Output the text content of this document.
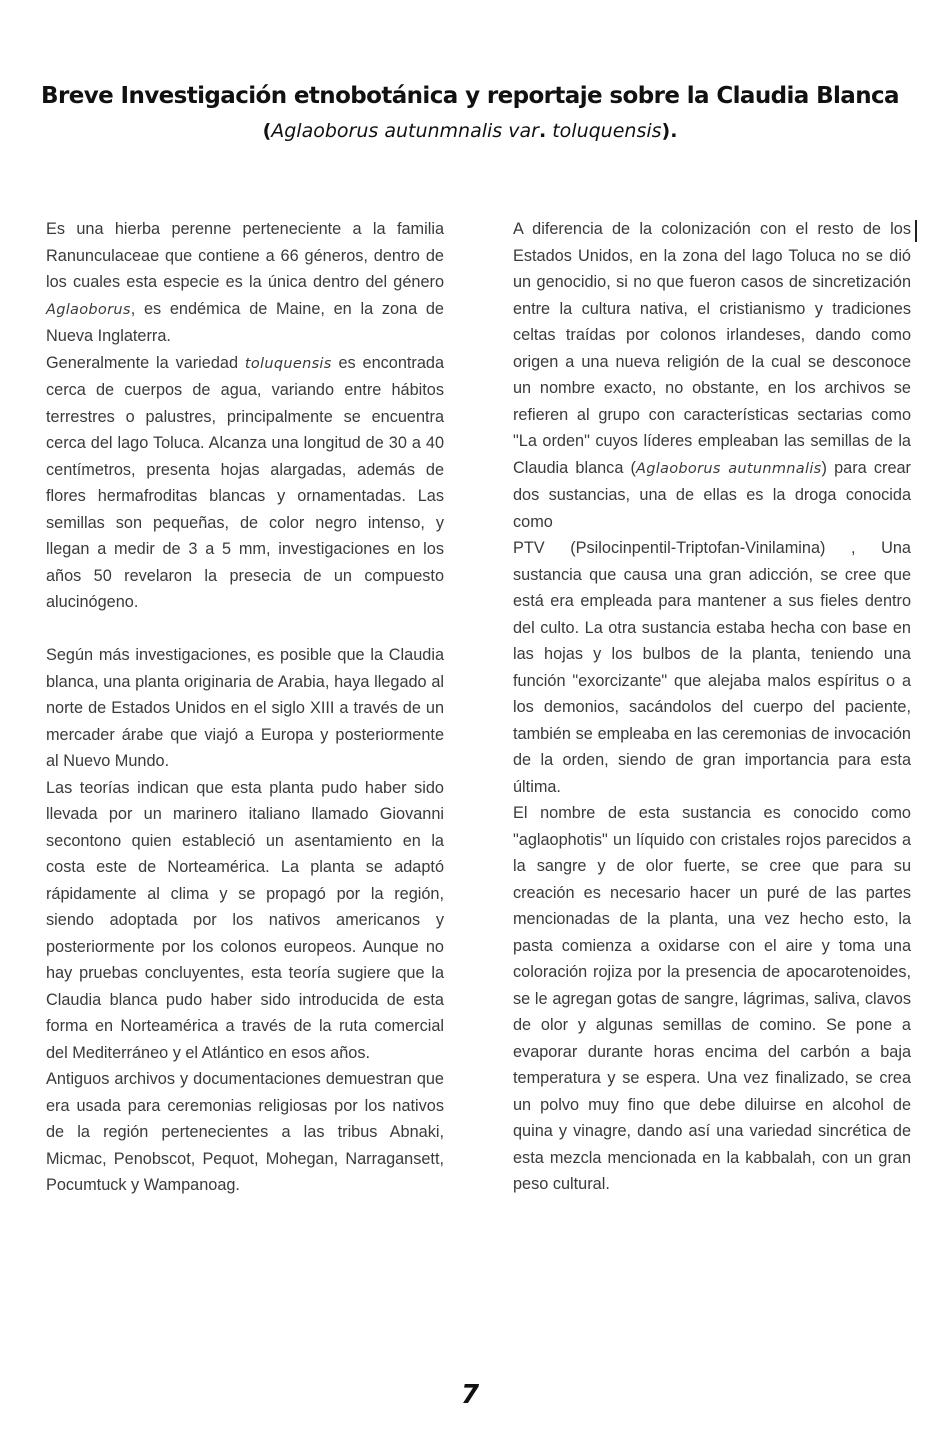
Breve Investigación etnobotánica y reportaje sobre la Claudia Blanca
(Aglaoborus autunmnalis var. toluquensis).

Es una hierba perenne perteneciente a la familia Ranunculaceae que contiene a 66 géneros, dentro de los cuales esta especie es la única dentro del género Aglaoborus, es endémica de Maine, en la zona de Nueva Inglaterra.

Generalmente la variedad toluquensis es encontrada cerca de cuerpos de agua, variando entre hábitos terrestres o palustres, principalmente se encuentra cerca del lago Toluca. Alcanza una longitud de 30 a 40 centímetros, presenta hojas alargadas, además de flores hermafroditas blancas y ornamentadas. Las semillas son pequeñas, de color negro intenso, y llegan a medir de 3 a 5 mm, investigaciones en los años 50 revelaron la presecia de un compuesto alucinógeno.

Según más investigaciones, es posible que la Claudia blanca, una planta originaria de Arabia, haya llegado al norte de Estados Unidos en el siglo XIII a través de un mercader árabe que viajó a Europa y posteriormente al Nuevo Mundo.

Las teorías indican que esta planta pudo haber sido llevada por un marinero italiano llamado Giovanni secontono quien estableció un asentamiento en la costa este de Norteamérica. La planta se adaptó rápidamente al clima y se propagó por la región, siendo adoptada por los nativos americanos y posteriormente por los colonos europeos. Aunque no hay pruebas concluyentes, esta teoría sugiere que la Claudia blanca pudo haber sido introducida de esta forma en Norteamérica a través de la ruta comercial del Mediterráneo y el Atlántico en esos años.

Antiguos archivos y documentaciones demuestran que era usada para ceremonias religiosas por los nativos de la región pertenecientes a las tribus Abnaki, Micmac, Penobscot, Pequot, Mohegan, Narragansett, Pocumtuck y Wampanoag.

A diferencia de la colonización con el resto de los Estados Unidos, en la zona del lago Toluca no se dió un genocidio, si no que fueron casos de sincretización entre la cultura nativa, el cristianismo y tradiciones celtas traídas por colonos irlandeses, dando como origen a una nueva religión de la cual se desconoce un nombre exacto, no obstante, en los archivos se refieren al grupo con características sectarias como "La orden" cuyos líderes empleaban las semillas de la Claudia blanca (Aglaoborus autunmnalis) para crear dos sustancias, una de ellas es la droga conocida como

PTV (Psilocinpentil-Triptofan-Vinilamina) , Una sustancia que causa una gran adicción, se cree que está era empleada para mantener a sus fieles dentro del culto. La otra sustancia estaba hecha con base en las hojas y los bulbos de la planta, teniendo una función "exorcizante" que alejaba malos espíritus o a los demonios, sacándolos del cuerpo del paciente, también se empleaba en las ceremonias de invocación de la orden, siendo de gran importancia para esta última.

El nombre de esta sustancia es conocido como "aglaophotis" un líquido con cristales rojos parecidos a la sangre y de olor fuerte, se cree que para su creación es necesario hacer un puré de las partes mencionadas de la planta, una vez hecho esto, la pasta comienza a oxidarse con el aire y toma una coloración rojiza por la presencia de apocarotenoides, se le agregan gotas de sangre, lágrimas, saliva, clavos de olor y algunas semillas de comino. Se pone a evaporar durante horas encima del carbón a baja temperatura y se espera. Una vez finalizado, se crea un polvo muy fino que debe diluirse en alcohol de quina y vinagre, dando así una variedad sincrética de esta mezcla mencionada en la kabbalah, con un gran peso cultural.

7
